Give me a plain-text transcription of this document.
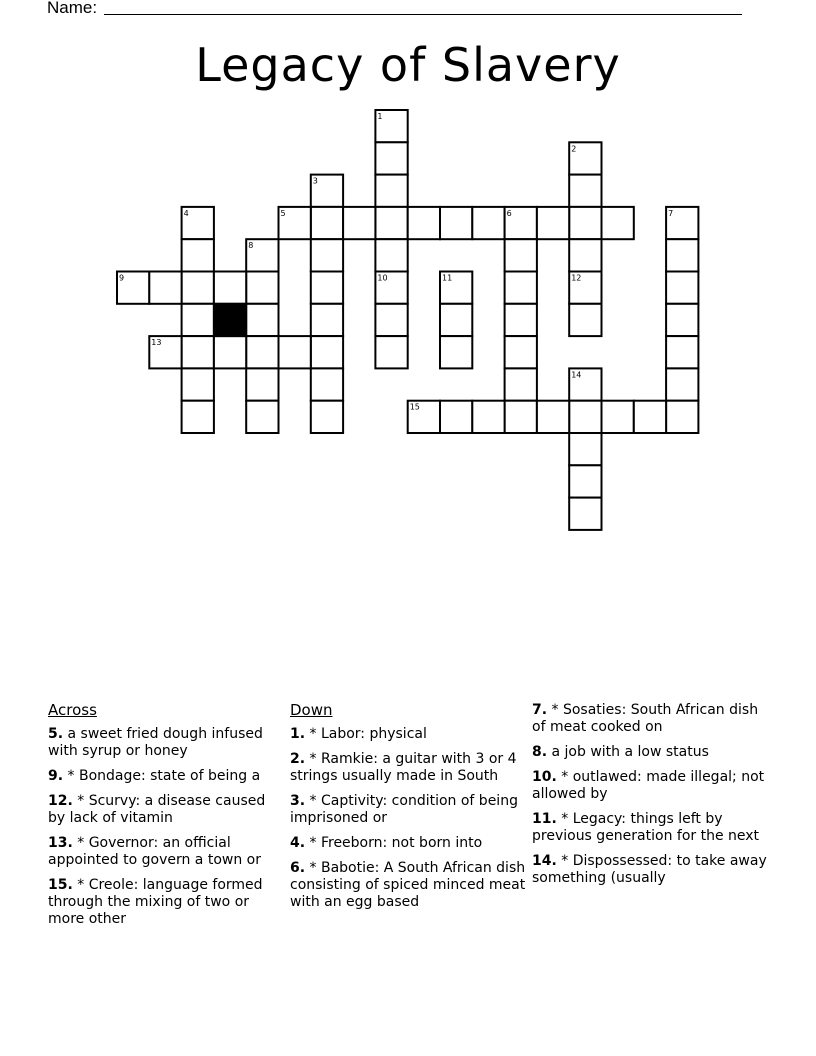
Name:
Legacy of Slavery
1
2
3
4	5	6	7
8
9	10	11	12
13
14
15
Across
5. a sweet fried dough infused with syrup or honey
9. * Bondage: state of being a
12. * Scurvy: a disease caused by lack of vitamin
13. * Governor: an official appointed to govern a town or
15. * Creole: language formed through the mixing of two or more other
Down
1. * Labor: physical
2. * Ramkie: a guitar with 3 or 4 strings usually made in South
3. * Captivity: condition of being imprisoned or
4. * Freeborn: not born into
6. * Babotie: A South African dish consisting of spiced minced meat with an egg based
7. * Sosaties: South African dish of meat cooked on
8. a job with a low status
10. * outlawed: made illegal; not allowed by
11. * Legacy: things left by previous generation for the next
14. * Dispossessed: to take away something (usually
